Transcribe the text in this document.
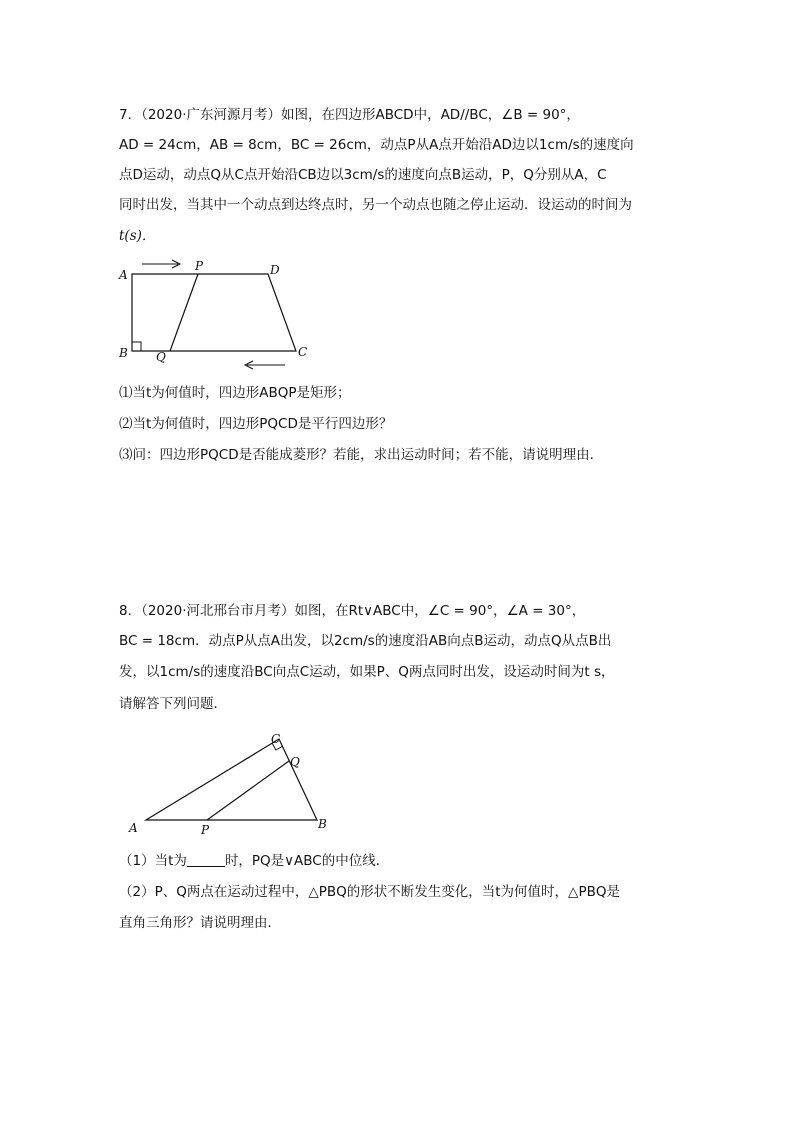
7．（2020·广东河源月考）如图，在四边形ABCD中，AD//BC，∠B = 90°，
AD = 24cm，AB = 8cm，BC = 26cm，动点P从A点开始沿AD边以1cm/s的速度向
点D运动，动点Q从C点开始沿CB边以3cm/s的速度向点B运动，P，Q分别从A，C
同时出发，当其中一个动点到达终点时，另一个动点也随之停止运动．设运动的时间为
t(s)．
A
P	D
B Q	C
⑴当t为何值时，四边形ABQP是矩形；
⑵当t为何值时，四边形PQCD是平行四边形？
⑶问：四边形PQCD是否能成菱形？若能，求出运动时间；若不能，请说明理由．
8．（2020·河北邢台市月考）如图，在Rt∨ABC中，∠C = 90°，∠A = 30°，
BC = 18cm．动点P从点A出发，以2cm/s的速度沿AB向点B运动，动点Q从点B出
发，以1cm/s的速度沿BC向点C运动，如果P、Q两点同时出发，设运动时间为t s，
请解答下列问题．
A	P	B
C
Q
（1）当t为	时，PQ是∨ABC的中位线．
（2）P、Q两点在运动过程中，△PBQ的形状不断发生变化，当t为何值时，△PBQ是
直角三角形？请说明理由．
